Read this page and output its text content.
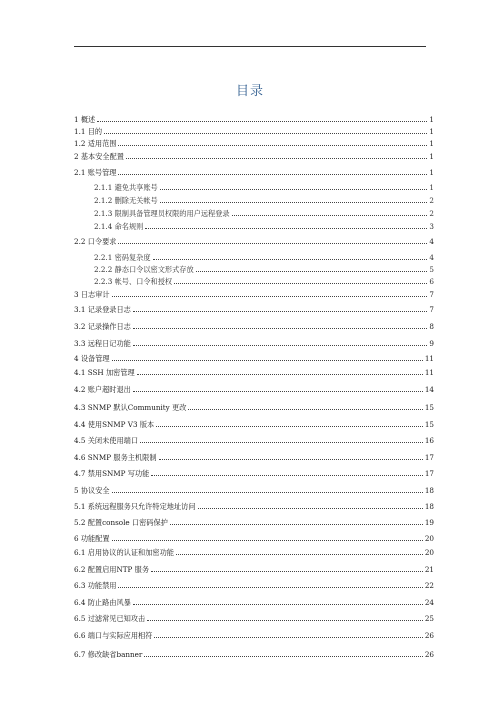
目录
1 概述	1
1.1 目的	1
1.2 适用范围	1
2 基本安全配置	1
2.1 账号管理	1
2.1.1 避免共享账号	1
2.1.2 删除无关帐号	2
2.1.3 限制具备管理员权限的用户远程登录	2
2.1.4 命名规则	3
2.2 口令要求	4
2.2.1 密码复杂度	4
2.2.2 静态口令以密文形式存放	5
2.2.3 帐号、口令和授权	6
3 日志审计	7
3.1 记录登录日志	7
3.2 记录操作日志	8
3.3 远程日记功能	9
4 设备管理	11
4.1 SSH 加密管理	11
4.2 账户超时退出	14
4.3 SNMP 默认Community 更改	15
4.4 使用SNMP V3 版本	15
4.5 关闭未使用端口	16
4.6 SNMP 服务主机限制	17
4.7 禁用SNMP 写功能	17
5 协议安全	18
5.1 系统远程服务只允许特定地址访问	18
5.2 配置console 口密码保护	19
6 功能配置	20
6.1 启用协议的认证和加密功能	20
6.2 配置启用NTP 服务	21
6.3 功能禁用	22
6.4 防止路由风暴	24
6.5 过滤常见已知攻击	25
6.6 端口与实际应用相符	26
6.7 修改缺省banner	26
